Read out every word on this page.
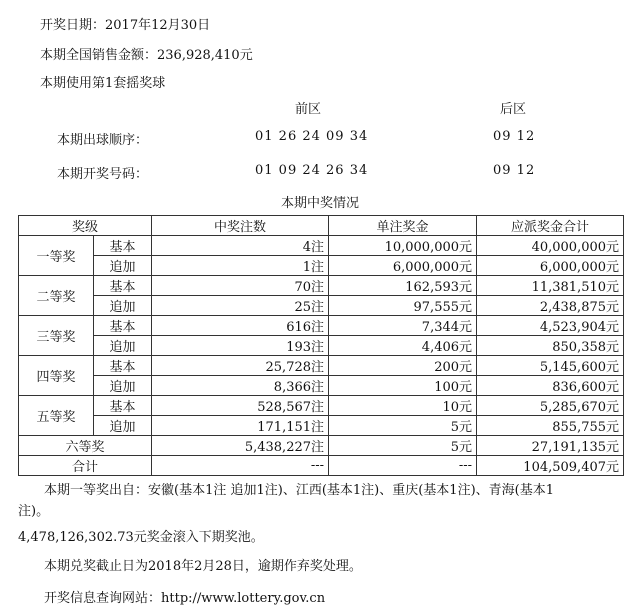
开奖日期：2017年12月30日
本期全国销售金额：236,928,410元
本期使用第1套摇奖球
前区	后区
本期出球顺序：	01 26 24 09 34	09 12
本期开奖号码：	01 09 24 26 34	09 12
本期中奖情况
奖级		中奖注数	单注奖金	应派奖金合计
一等奖	基本	4注	10,000,000元	40,000,000元
	追加	1注	6,000,000元	6,000,000元
二等奖	基本	70注	162,593元	11,381,510元
	追加	25注	97,555元	2,438,875元
三等奖	基本	616注	7,344元	4,523,904元
	追加	193注	4,406元	850,358元
四等奖	基本	25,728注	200元	5,145,600元
	追加	8,366注	100元	836,600元
五等奖	基本	528,567注	10元	5,285,670元
	追加	171,151注	5元	855,755元
六等奖		5,438,227注	5元	27,191,135元
合计		---	---	104,509,407元
本期一等奖出自：安徽(基本1注 追加1注)、江西(基本1注)、重庆(基本1注)、青海(基本1
注)。
4,478,126,302.73元奖金滚入下期奖池。
本期兑奖截止日为2018年2月28日，逾期作弃奖处理。
开奖信息查询网站：http://www.lottery.gov.cn
